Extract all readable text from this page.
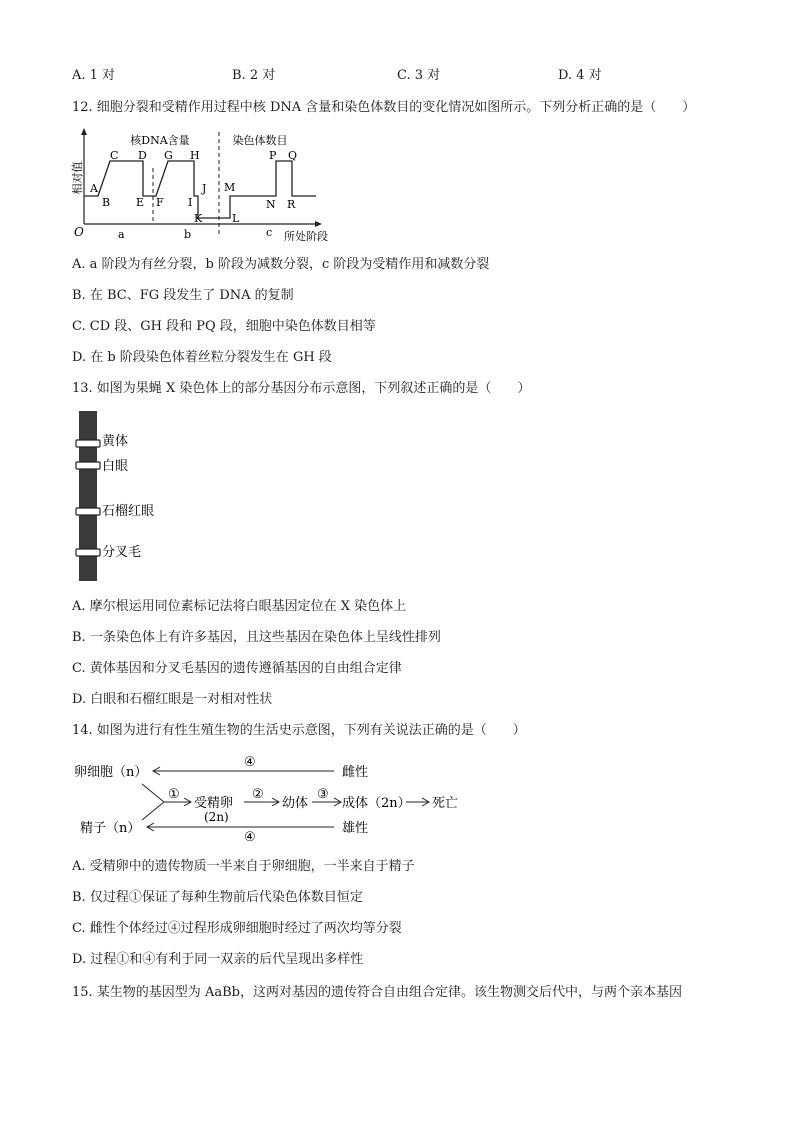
A. 1 对	B. 2 对	C. 3 对	D. 4 对
12. 细胞分裂和受精作用过程中核 DNA 含量和染色体数目的变化情况如图所示。下列分析正确的是（　　）
相对值
核DNA含量	染色体数目
A
B
C D
E F
G H
I
J
K	L
M
N
P Q
R
O	a	b	c 所处阶段
A. a 阶段为有丝分裂，b 阶段为减数分裂，c 阶段为受精作用和减数分裂
B. 在 BC、FG 段发生了 DNA 的复制
C. CD 段、GH 段和 PQ 段，细胞中染色体数目相等
D. 在 b 阶段染色体着丝粒分裂发生在 GH 段
13. 如图为果蝇 X 染色体上的部分基因分布示意图，下列叙述正确的是（　　）
黄体
白眼
石榴红眼
分叉毛
A. 摩尔根运用同位素标记法将白眼基因定位在 X 染色体上
B. 一条染色体上有许多基因，且这些基因在染色体上呈线性排列
C. 黄体基因和分叉毛基因的遗传遵循基因的自由组合定律
D. 白眼和石榴红眼是一对相对性状
14. 如图为进行有性生殖生物的生活史示意图，下列有关说法正确的是（　　）
卵细胞（n）
④
雌性
①
受精卵
(2n)
②
幼体
③
成体（2n） 死亡
精子（n）
④
雄性
A. 受精卵中的遗传物质一半来自于卵细胞，一半来自于精子
B. 仅过程①保证了每种生物前后代染色体数目恒定
C. 雌性个体经过④过程形成卵细胞时经过了两次均等分裂
D. 过程①和④有利于同一双亲的后代呈现出多样性
15. 某生物的基因型为 AaBb，这两对基因的遗传符合自由组合定律。该生物测交后代中，与两个亲本基因
